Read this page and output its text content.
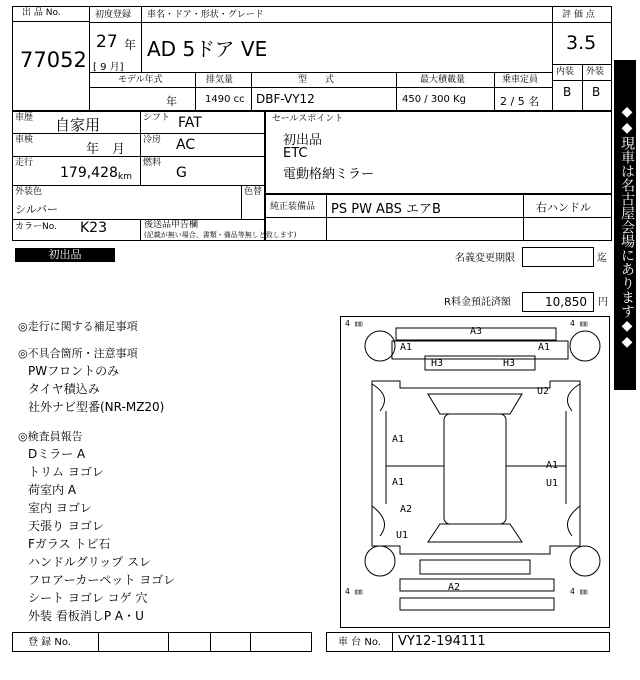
出 品 No.
77052
初度登録
27 年
[ 9 月]
車名・ドア・形状・グレード
AD 5ドア VE
評 価 点
3.5
内装 外装
B B
モデル年式	排気量	型　　式	最大積載量	乗車定員
年	1490 cc DBF-VY12	450 / 300 Kg	2 / 5 名
車歴 自家用	シフト FAT
車検
年　月
冷房 AC
走行
179,428 km
燃料
G
外装色
シルバー
色替
カラーNo. K23	後送品申告欄
(記載が無い場合、書類・備品等無しと致します)
セールスポイント
初出品
ETC
電動格納ミラー
純正装備品 PS PW ABS エアB	右ハンドル	◆◆現車は名古屋会場にあります◆◆
初出品	名義変更期限	迄
R料金預託済額	10,850 円
◎走行に関する補足事項
◎不具合箇所・注意事項
PWフロントのみ
タイヤ積込み
社外ナビ型番(NR-MZ20)
◎検査員報告
Dミラー A
トリム ヨゴレ
荷室内 A
室内 ヨゴレ
天張り ヨゴレ
Fガラス トビ石
ハンドルグリップ スレ
フロアーカーペット ヨゴレ
シート ヨゴレ コゲ 穴
外装 看板消しP A・U
4 ㎜	4 ㎜
4 ㎜	4 ㎜
A3
A1	A1
H3	H3
U2
A1
A1
U1
A1
A2
U1
A2
登 録 No.	車 台 No. VY12-194111
